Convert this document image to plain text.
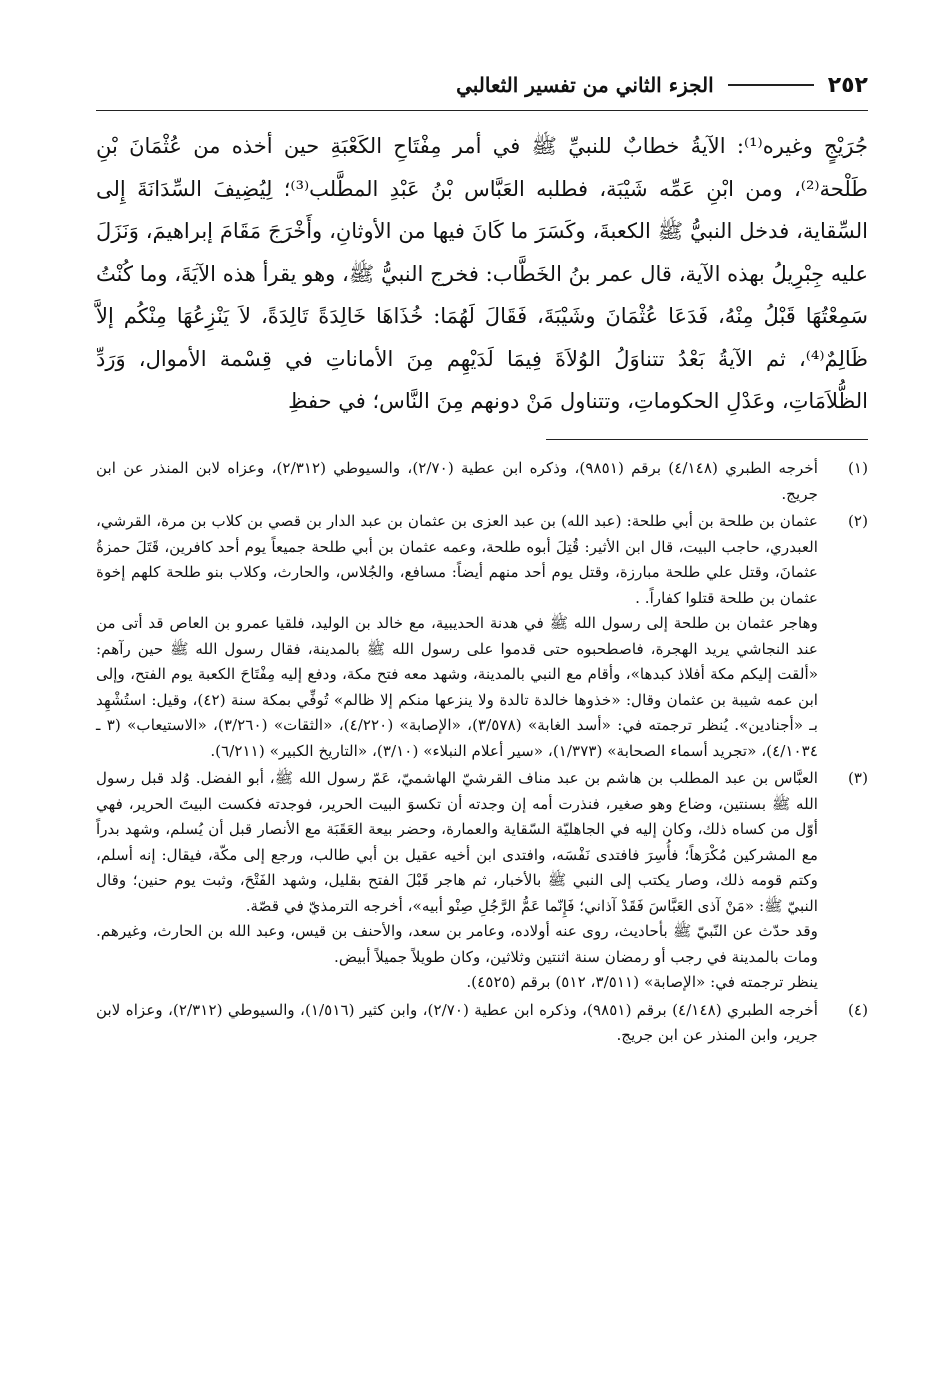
٢٥٢
الجزء الثاني من تفسير الثعالبي

جُرَيْجٍ وغيره⁽¹⁾: الآيةُ خطابٌ للنبيِّ ﷺ في أمر مِفْتَاحِ الكَعْبَةِ حين أخذه من عُثْمَانَ بْنِ طَلْحة⁽²⁾، ومن ابْنِ عَمِّه شَيْبَة، فطلبه العَبَّاس بْنُ عَبْدِ المطَّلب⁽³⁾؛ لِيُضِيفَ السِّدَانَةَ إِلى السِّقاية، فدخل النبيُّ ﷺ الكعبةَ، وكَسَرَ ما كَانَ فيها من الأوثانِ، وأَخْرَجَ مَقَامَ إبراهيمَ، وَنَزَلَ عليه جِبْرِيلُ بهذه الآية، قال عمر بنُ الخَطَّاب: فخرج النبيُّ ﷺ، وهو يقرأ هذه الآيَةَ، وما كُنْتُ سَمِعْتُهَا قَبْلُ مِنْهُ، فَدَعَا عُثْمَانَ وشَيْبَةَ، فَقَالَ لَهُمَا: خُذَاهَا خَالِدَةً تَالِدَةً، لاَ يَنْزِعُهَا مِنْكُم إلاَّ ظَالِمٌ⁽⁴⁾، ثم الآيةُ بَعْدُ تتناوَلُ الوُلاَةَ فِيمَا لَدَيْهِم مِنَ الأماناتِ في قِسْمة الأموال، وَرَدِّ الظُّلاَمَاتِ، وعَدْلِ الحكوماتِ، وتتناول مَنْ دونهم مِنَ النَّاس؛ في حفظِ

(١)

أخرجه الطبري (٤/١٤٨) برقم (٩٨٥١)، وذكره ابن عطية (٢/٧٠)، والسيوطي (٢/٣١٢)، وعزاه لابن المنذر عن ابن جريج.

(٢)

عثمان بن طلحة بن أبي طلحة: (عبد الله) بن عبد العزى بن عثمان بن عبد الدار بن قصي بن كلاب بن مرة، القرشي، العبدري، حاجب البيت، قال ابن الأثير: قُتِلَ أبوه طلحة، وعمه عثمان بن أبي طلحة جميعاً يوم أحد كافرين، قَتَلَ حمزةُ عثمانَ، وقتل علي طلحة مبارزة، وقتل يوم أحد منهم أيضاً: مسافع، والجُلاس، والحارث، وكلاب بنو طلحة كلهم إخوة عثمان بن طلحة قتلوا كفاراً. .

وهاجر عثمان بن طلحة إلى رسول الله ﷺ في هدنة الحديبية، مع خالد بن الوليد، فلقيا عمرو بن العاص قد أتى من عند النجاشي يريد الهجرة، فاصطحبوه حتى قدموا على رسول الله ﷺ بالمدينة، فقال رسول الله ﷺ حين رآهم: «ألقت إليكم مكة أفلاذ كبدها»، وأقام مع النبي بالمدينة، وشهد معه فتح مكة، ودفع إليه مِفْتَاحَ الكعبة يوم الفتح، وإلى ابن عمه شيبة بن عثمان وقال: «خذوها خالدة تالدة ولا ينزعها منكم إلا ظالم» تُوفِّي بمكة سنة (٤٢)، وقيل: استُشْهِد بـ «أجنادين». يُنظر ترجمته في: «أسد الغابة» (٣/٥٧٨)، «الإصابة» (٤/٢٢٠)، «الثقات» (٣/٢٦٠)، «الاستيعاب» (٣ ـ ٤/١٠٣٤)، «تجريد أسماء الصحابة» (١/٣٧٣)، «سير أعلام النبلاء» (٣/١٠)، «التاريخ الكبير» (٦/٢١١).

(٣)

العبَّاس بن عبد المطلب بن هاشم بن عبد مناف القرشيّ الهاشميّ، عَمّ رسول الله ﷺ، أبو الفضل. وُلد قبل رسول الله ﷺ بسنتين، وضاع وهو صغير، فنذرت أمه إن وجدته أن تكسوَ البيت الحرير، فوجدته فكست البيتَ الحرير، فهي أوّل من كساه ذلك، وكان إليه في الجاهليّة السّقاية والعمارة، وحضر بيعة العَقَبَة مع الأنصار قبل أن يُسلم، وشهد بدراً مع المشركين مُكْرَهاً؛ فأُسِرَ فافتدى نَفْسَه، وافتدى ابن أخيه عقيل بن أبي طالب، ورجع إلى مكّة، فيقال: إنه أسلم، وكتم قومه ذلك، وصار يكتب إلى النبي ﷺ بالأخبار، ثم هاجر قَبْلَ الفتح بقليل، وشهد الفَتْحَ، وثبت يوم حنين؛ وقال النبيّ ﷺ: «مَنْ آذى العَبَّاسَ فَقَدْ آذاني؛ فَإِنّما عَمُّ الرَّجُلِ صِنْو أبيه»، أخرجه الترمذيّ في قصّة.

وقد حدّث عن النّبيّ ﷺ بأحاديث، روى عنه أولاده، وعامر بن سعد، والأحنف بن قيس، وعبد الله بن الحارث، وغيرهم. ومات بالمدينة في رجب أو رمضان سنة اثنتين وثلاثين، وكان طويلاً جميلاً أبيض.

ينظر ترجمته في: «الإصابة» (٣/٥١١، ٥١٢) برقم (٤٥٢٥).

(٤)

أخرجه الطبري (٤/١٤٨) برقم (٩٨٥١)، وذكره ابن عطية (٢/٧٠)، وابن كثير (١/٥١٦)، والسيوطي (٢/٣١٢)، وعزاه لابن جرير، وابن المنذر عن ابن جريج.
